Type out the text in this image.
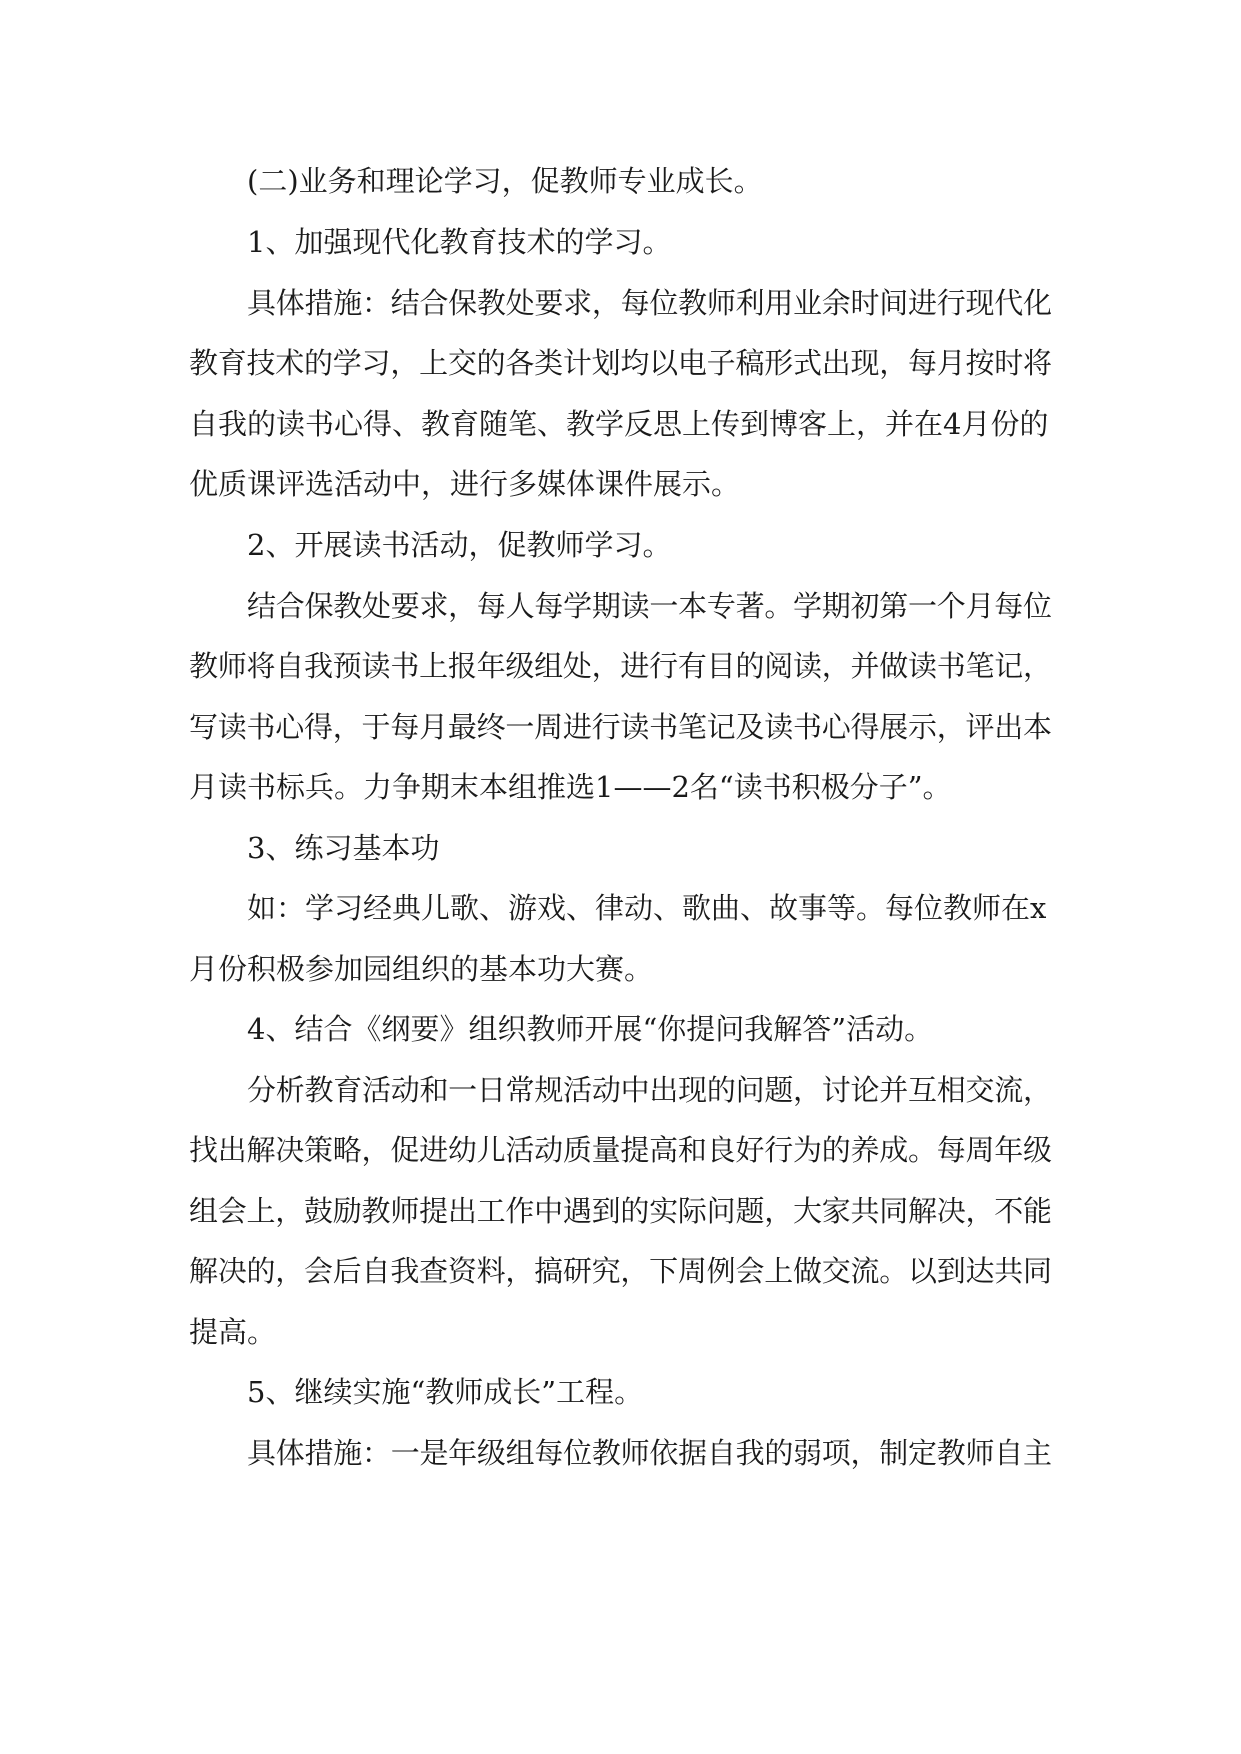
(二)业务和理论学习，促教师专业成长。
1、加强现代化教育技术的学习。
具体措施：结合保教处要求，每位教师利用业余时间进行现代化
教育技术的学习，上交的各类计划均以电子稿形式出现，每月按时将
自我的读书心得、教育随笔、教学反思上传到博客上，并在4月份的
优质课评选活动中，进行多媒体课件展示。
2、开展读书活动，促教师学习。
结合保教处要求，每人每学期读一本专著。学期初第一个月每位
教师将自我预读书上报年级组处，进行有目的阅读，并做读书笔记，
写读书心得，于每月最终一周进行读书笔记及读书心得展示，评出本
月读书标兵。力争期末本组推选1——2名“读书积极分子”。
3、练习基本功
如：学习经典儿歌、游戏、律动、歌曲、故事等。每位教师在x
月份积极参加园组织的基本功大赛。
4、结合《纲要》组织教师开展“你提问我解答”活动。
分析教育活动和一日常规活动中出现的问题，讨论并互相交流，
找出解决策略，促进幼儿活动质量提高和良好行为的养成。每周年级
组会上，鼓励教师提出工作中遇到的实际问题，大家共同解决，不能
解决的，会后自我查资料，搞研究，下周例会上做交流。以到达共同
提高。
5、继续实施“教师成长”工程。
具体措施：一是年级组每位教师依据自我的弱项，制定教师自主
